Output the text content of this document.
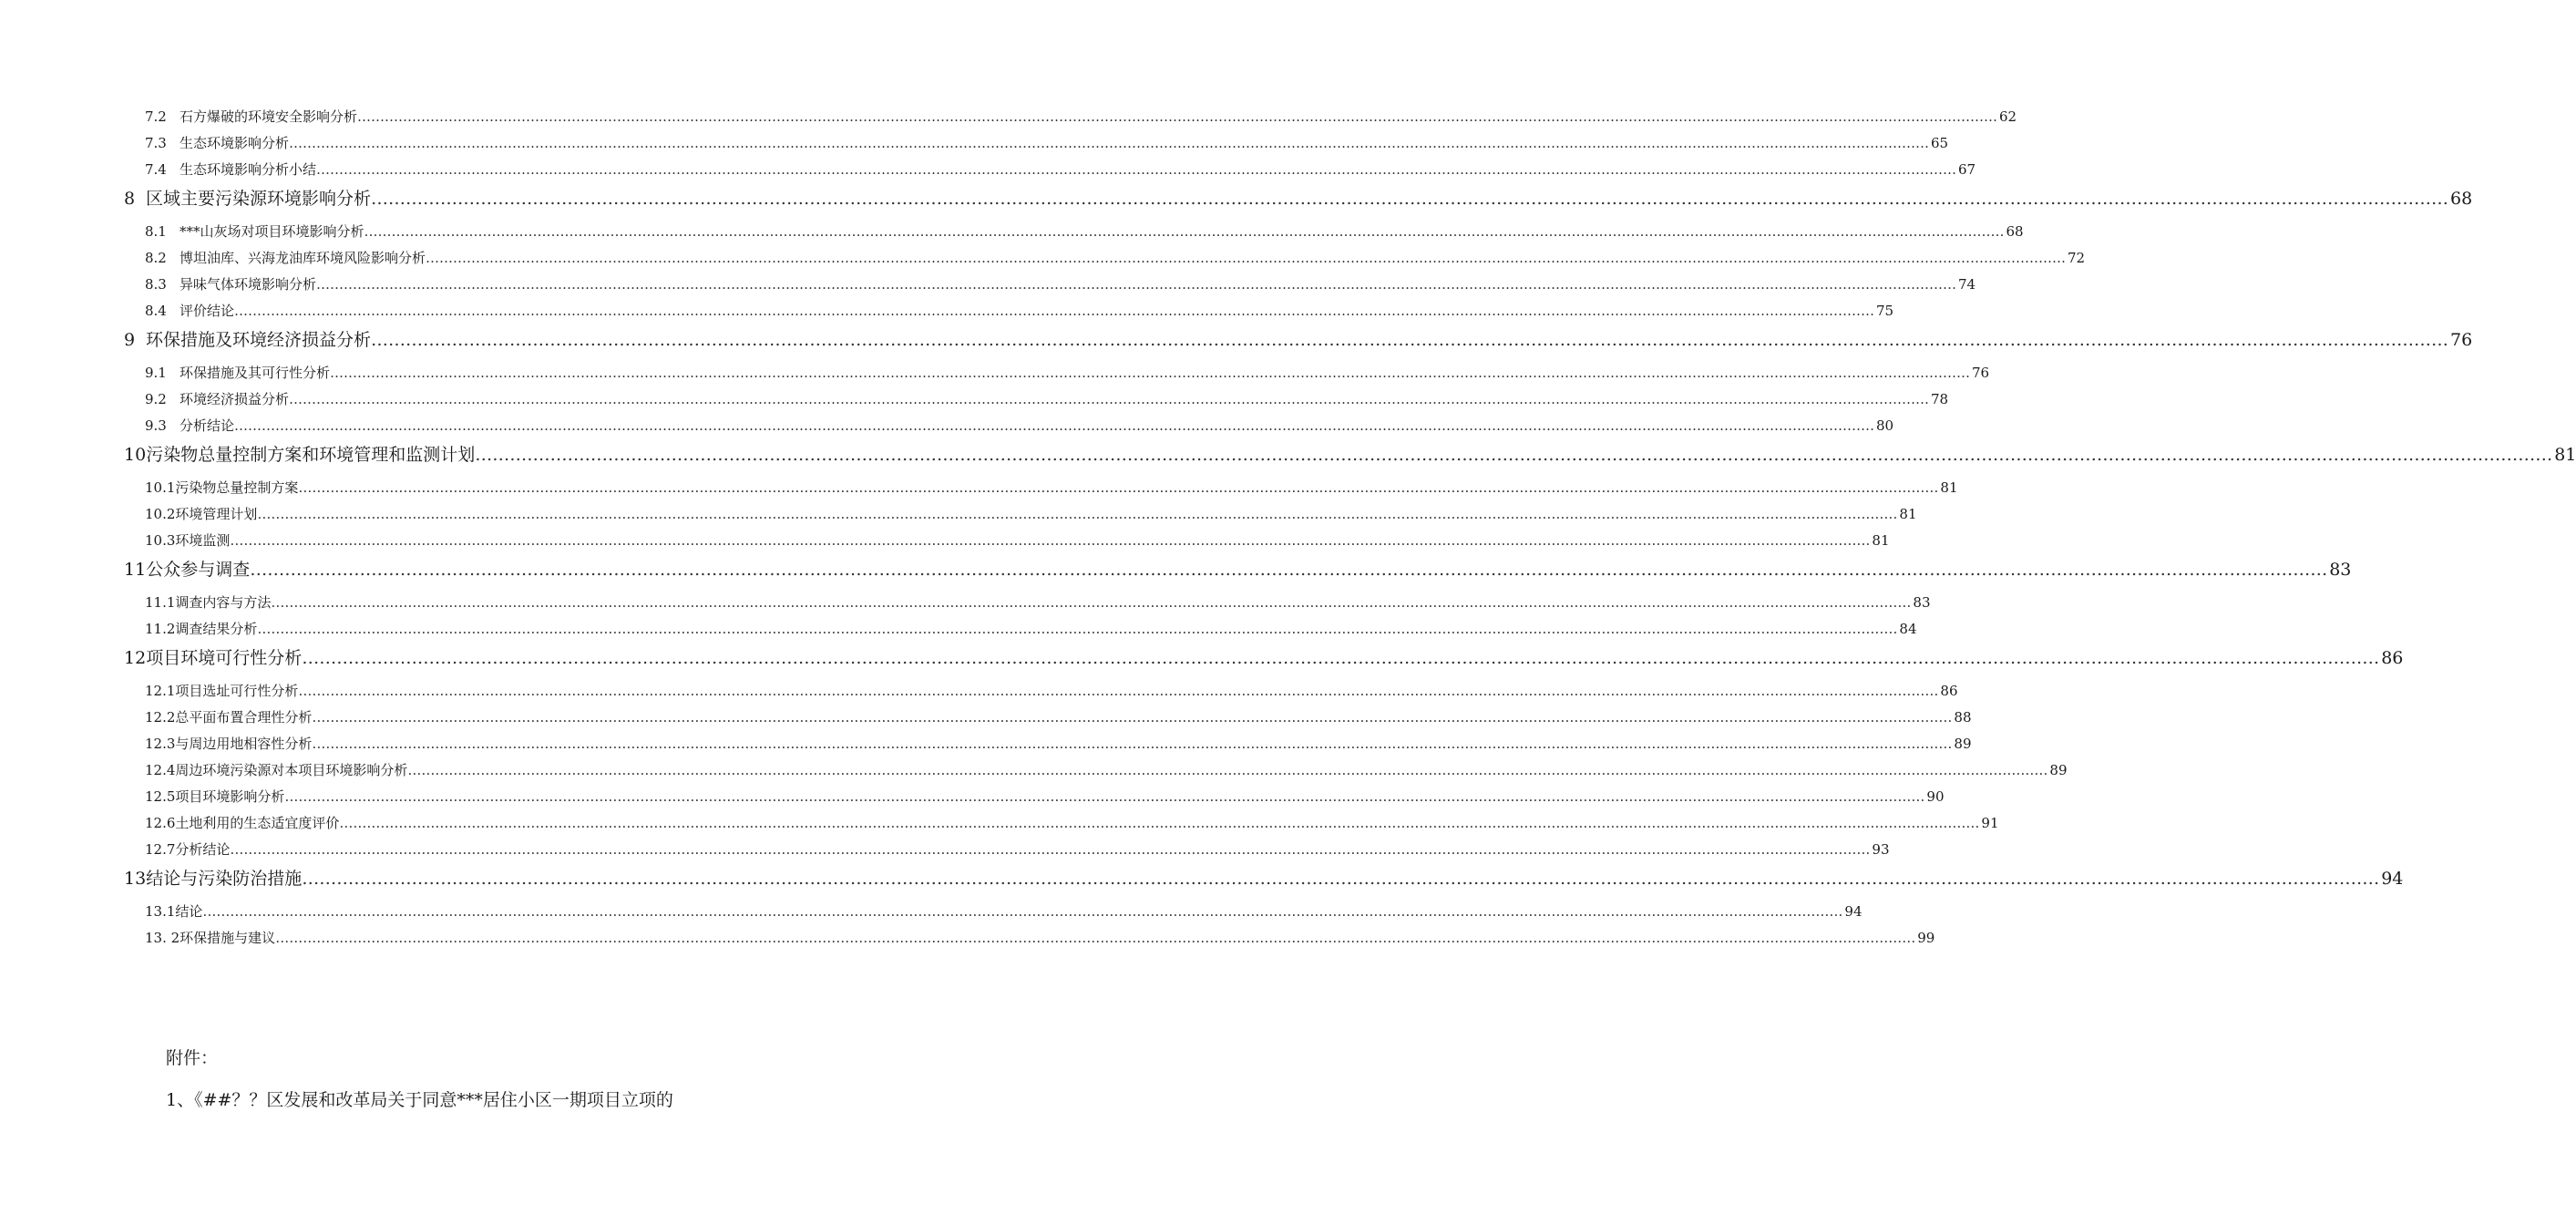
7.2 石方爆破的环境安全影响分析 ……………………………………………………………………………………………………………………………………………………………………………………………………………………………………………………………………………………………………………………………… 62
7.3 生态环境影响分析 ……………………………………………………………………………………………………………………………………………………………………………………………………………………………………………………………………………………………………………………………… 65
7.4 生态环境影响分析小结 ……………………………………………………………………………………………………………………………………………………………………………………………………………………………………………………………………………………………………………………………… 67
8 区域主要污染源环境影响分析 ……………………………………………………………………………………………………………………………………………………………………………………………………………………………………………………………………………………………………………………………… 68
8.1 ***山灰场对项目环境影响分析 ……………………………………………………………………………………………………………………………………………………………………………………………………………………………………………………………………………………………………………………………… 68
8.2 博坦油库、兴海龙油库环境风险影响分析 ……………………………………………………………………………………………………………………………………………………………………………………………………………………………………………………………………………………………………………………………… 72
8.3 异味气体环境影响分析 ……………………………………………………………………………………………………………………………………………………………………………………………………………………………………………………………………………………………………………………………… 74
8.4 评价结论 ……………………………………………………………………………………………………………………………………………………………………………………………………………………………………………………………………………………………………………………………… 75
9 环保措施及环境经济损益分析 ……………………………………………………………………………………………………………………………………………………………………………………………………………………………………………………………………………………………………………………………… 76
9.1 环保措施及其可行性分析 ……………………………………………………………………………………………………………………………………………………………………………………………………………………………………………………………………………………………………………………………… 76
9.2 环境经济损益分析 ……………………………………………………………………………………………………………………………………………………………………………………………………………………………………………………………………………………………………………………………… 78
9.3 分析结论 ……………………………………………………………………………………………………………………………………………………………………………………………………………………………………………………………………………………………………………………………… 80
10 污染物总量控制方案和环境管理和监测计划 ……………………………………………………………………………………………………………………………………………………………………………………………………………………………………………………………………………………………………………………………… 81
10.1 污染物总量控制方案 ……………………………………………………………………………………………………………………………………………………………………………………………………………………………………………………………………………………………………………………………… 81
10.2 环境管理计划 ……………………………………………………………………………………………………………………………………………………………………………………………………………………………………………………………………………………………………………………………… 81
10.3 环境监测 ……………………………………………………………………………………………………………………………………………………………………………………………………………………………………………………………………………………………………………………………… 81
11 公众参与调查 ……………………………………………………………………………………………………………………………………………………………………………………………………………………………………………………………………………………………………………………………… 83
11.1 调查内容与方法 ……………………………………………………………………………………………………………………………………………………………………………………………………………………………………………………………………………………………………………………………… 83
11.2 调查结果分析 ……………………………………………………………………………………………………………………………………………………………………………………………………………………………………………………………………………………………………………………………… 84
12 项目环境可行性分析 ……………………………………………………………………………………………………………………………………………………………………………………………………………………………………………………………………………………………………………………………… 86
12.1 项目选址可行性分析 ……………………………………………………………………………………………………………………………………………………………………………………………………………………………………………………………………………………………………………………………… 86
12.2 总平面布置合理性分析 ……………………………………………………………………………………………………………………………………………………………………………………………………………………………………………………………………………………………………………………………… 88
12.3 与周边用地相容性分析 ……………………………………………………………………………………………………………………………………………………………………………………………………………………………………………………………………………………………………………………………… 89
12.4 周边环境污染源对本项目环境影响分析 ……………………………………………………………………………………………………………………………………………………………………………………………………………………………………………………………………………………………………………………………… 89
12.5 项目环境影响分析 ……………………………………………………………………………………………………………………………………………………………………………………………………………………………………………………………………………………………………………………………… 90
12.6 土地利用的生态适宜度评价 ……………………………………………………………………………………………………………………………………………………………………………………………………………………………………………………………………………………………………………………………… 91
12.7 分析结论 ……………………………………………………………………………………………………………………………………………………………………………………………………………………………………………………………………………………………………………………………… 93
13 结论与污染防治措施 ……………………………………………………………………………………………………………………………………………………………………………………………………………………………………………………………………………………………………………………………… 94
13.1 结论 ……………………………………………………………………………………………………………………………………………………………………………………………………………………………………………………………………………………………………………………………… 94
13. 2 环保措施与建议 ……………………………………………………………………………………………………………………………………………………………………………………………………………………………………………………………………………………………………………………………… 99
附件：
1、《##？？区发展和改革局关于同意***居住小区一期项目立项的
